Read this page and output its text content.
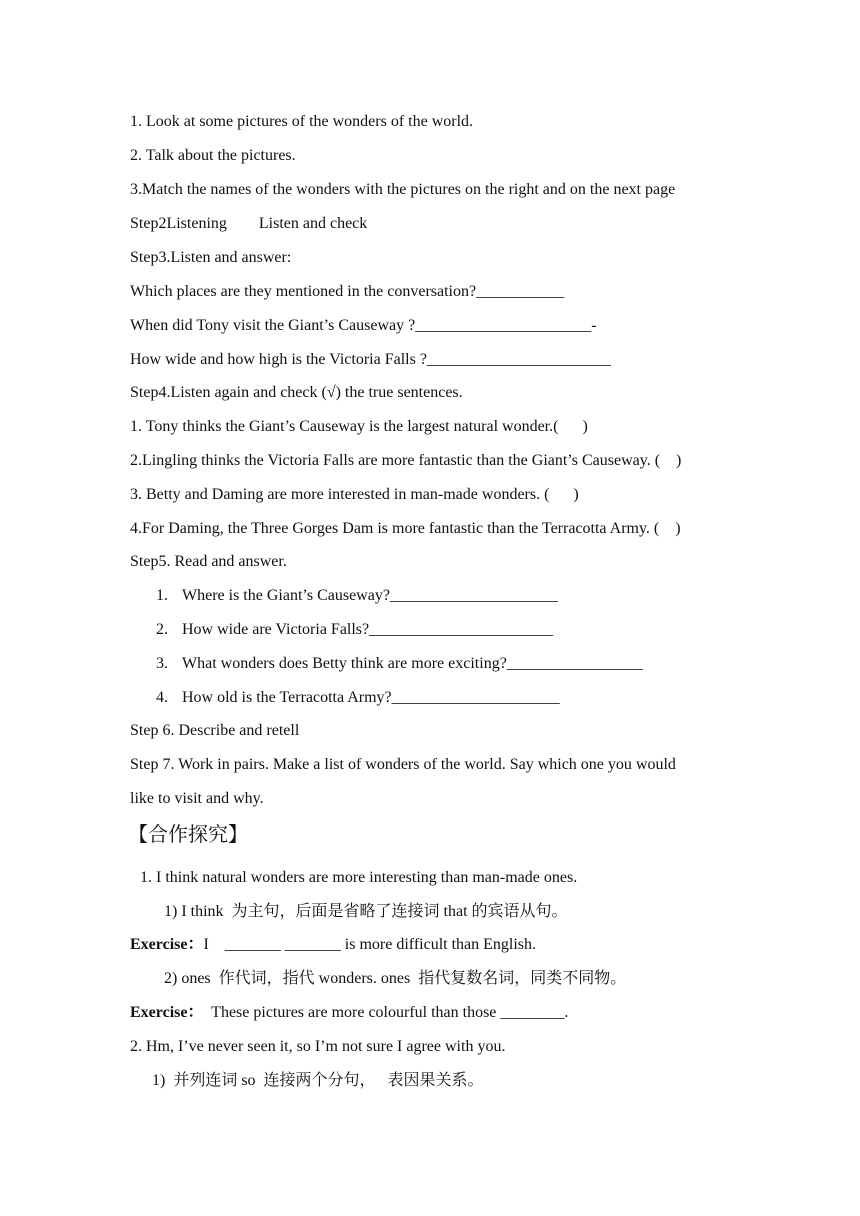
1. Look at some pictures of the wonders of the world.
2. Talk about the pictures.
3.Match the names of the wonders with the pictures on the right and on the next page
Step2Listening        Listen and check
Step3.Listen and answer:
Which places are they mentioned in the conversation?___________
When did Tony visit the Giant’s Causeway ?______________________-
How wide and how high is the Victoria Falls ?_______________________
Step4.Listen again and check (√) the true sentences.
1. Tony thinks the Giant’s Causeway is the largest natural wonder.(      )
2.Lingling thinks the Victoria Falls are more fantastic than the Giant’s Causeway. (    )
3. Betty and Daming are more interested in man-made wonders. (      )
4.For Daming, the Three Gorges Dam is more fantastic than the Terracotta Army. (    )
Step5. Read and answer.
1. Where is the Giant’s Causeway?_____________________
2. How wide are Victoria Falls?_______________________
3. What wonders does Betty think are more exciting?_________________
4. How old is the Terracotta Army?_____________________
Step 6. Describe and retell
Step 7. Work in pairs. Make a list of wonders of the world. Say which one you would
like to visit and why.
【合作探究】
1. I think natural wonders are more interesting than man-made ones.
1) I think  为主句，后面是省略了连接词 that 的宾语从句。
Exercise：I    _______ _______ is more difficult than English.
2) ones  作代词，指代 wonders. ones  指代复数名词，同类不同物。
Exercise：  These pictures are more colourful than those ________.
2. Hm, I’ve never seen it, so I’m not sure I agree with you.
1)  并列连词 so  连接两个分句，   表因果关系。
